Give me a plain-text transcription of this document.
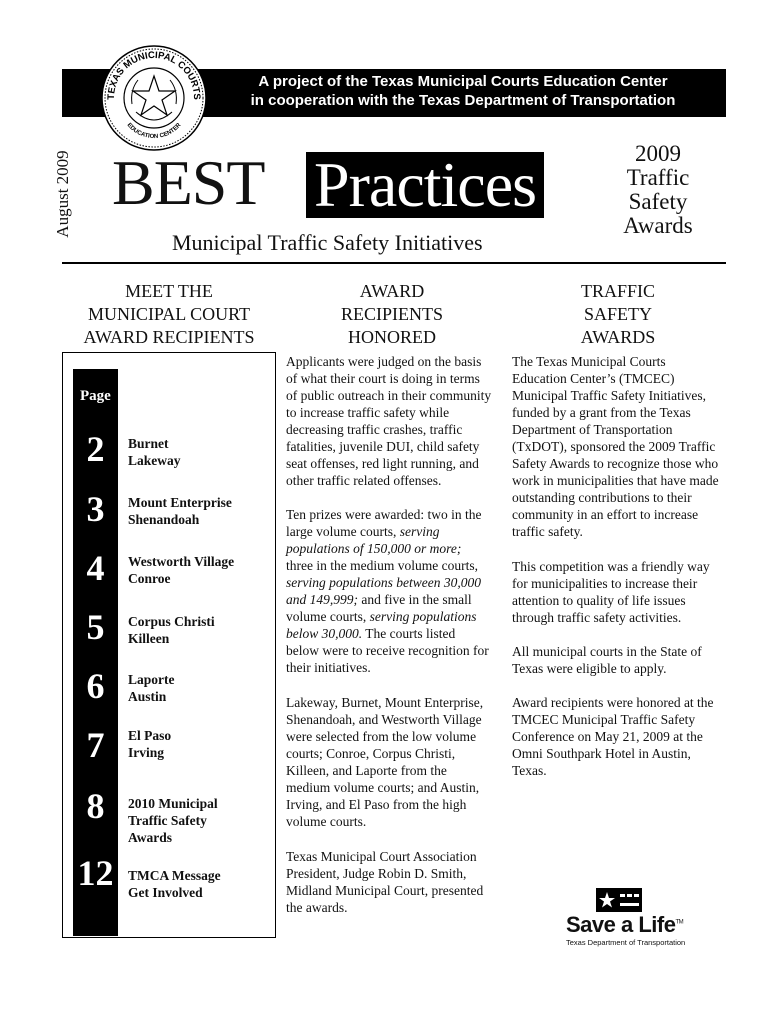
A project of the Texas Municipal Courts Education Center
in cooperation with the Texas Department of Transportation
TEXAS MUNICIPAL COURTS
EDUCATION CENTER
August 2009 BEST Practices
Municipal Traffic Safety Initiatives
2009
Traffic
Safety
Awards
MEET THE
MUNICIPAL COURT
AWARD RECIPIENTS
AWARD
RECIPIENTS
HONORED
TRAFFIC
SAFETY
AWARDS
Page
2	Burnet
Lakeway
3	Mount Enterprise
Shenandoah
4	Westworth Village
Conroe
5	Corpus Christi
Killeen
6	Laporte
Austin
7	El Paso
Irving
8	2010 Municipal
Traffic Safety
Awards
12	TMCA Message
Get Involved
Applicants were judged on the basis
of what their court is doing in terms
of public outreach in their community
to increase traffic safety while
decreasing traffic crashes, traffic
fatalities, juvenile DUI, child safety
seat offenses, red light running, and
other traffic related offenses.
Ten prizes were awarded: two in the
large volume courts, serving
populations of 150,000 or more;
three in the medium volume courts,
serving populations between 30,000
and 149,999; and five in the small
volume courts, serving populations
below 30,000. The courts listed
below were to receive recognition for
their initiatives.
Lakeway, Burnet, Mount Enterprise,
Shenandoah, and Westworth Village
were selected from the low volume
courts; Conroe, Corpus Christi,
Killeen, and Laporte from the
medium volume courts; and Austin,
Irving, and El Paso from the high
volume courts.
Texas Municipal Court Association
President, Judge Robin D. Smith,
Midland Municipal Court, presented
the awards.
The Texas Municipal Courts
Education Center’s (TMCEC)
Municipal Traffic Safety Initiatives,
funded by a grant from the Texas
Department of Transportation
(TxDOT), sponsored the 2009 Traffic
Safety Awards to recognize those who
work in municipalities that have made
outstanding contributions to their
community in an effort to increase
traffic safety.
This competition was a friendly way
for municipalities to increase their
attention to quality of life issues
through traffic safety activities.
All municipal courts in the State of
Texas were eligible to apply.
Award recipients were honored at the
TMCEC Municipal Traffic Safety
Conference on May 21, 2009 at the
Omni Southpark Hotel in Austin,
Texas.
Save a Life™
Texas Department of Transportation
